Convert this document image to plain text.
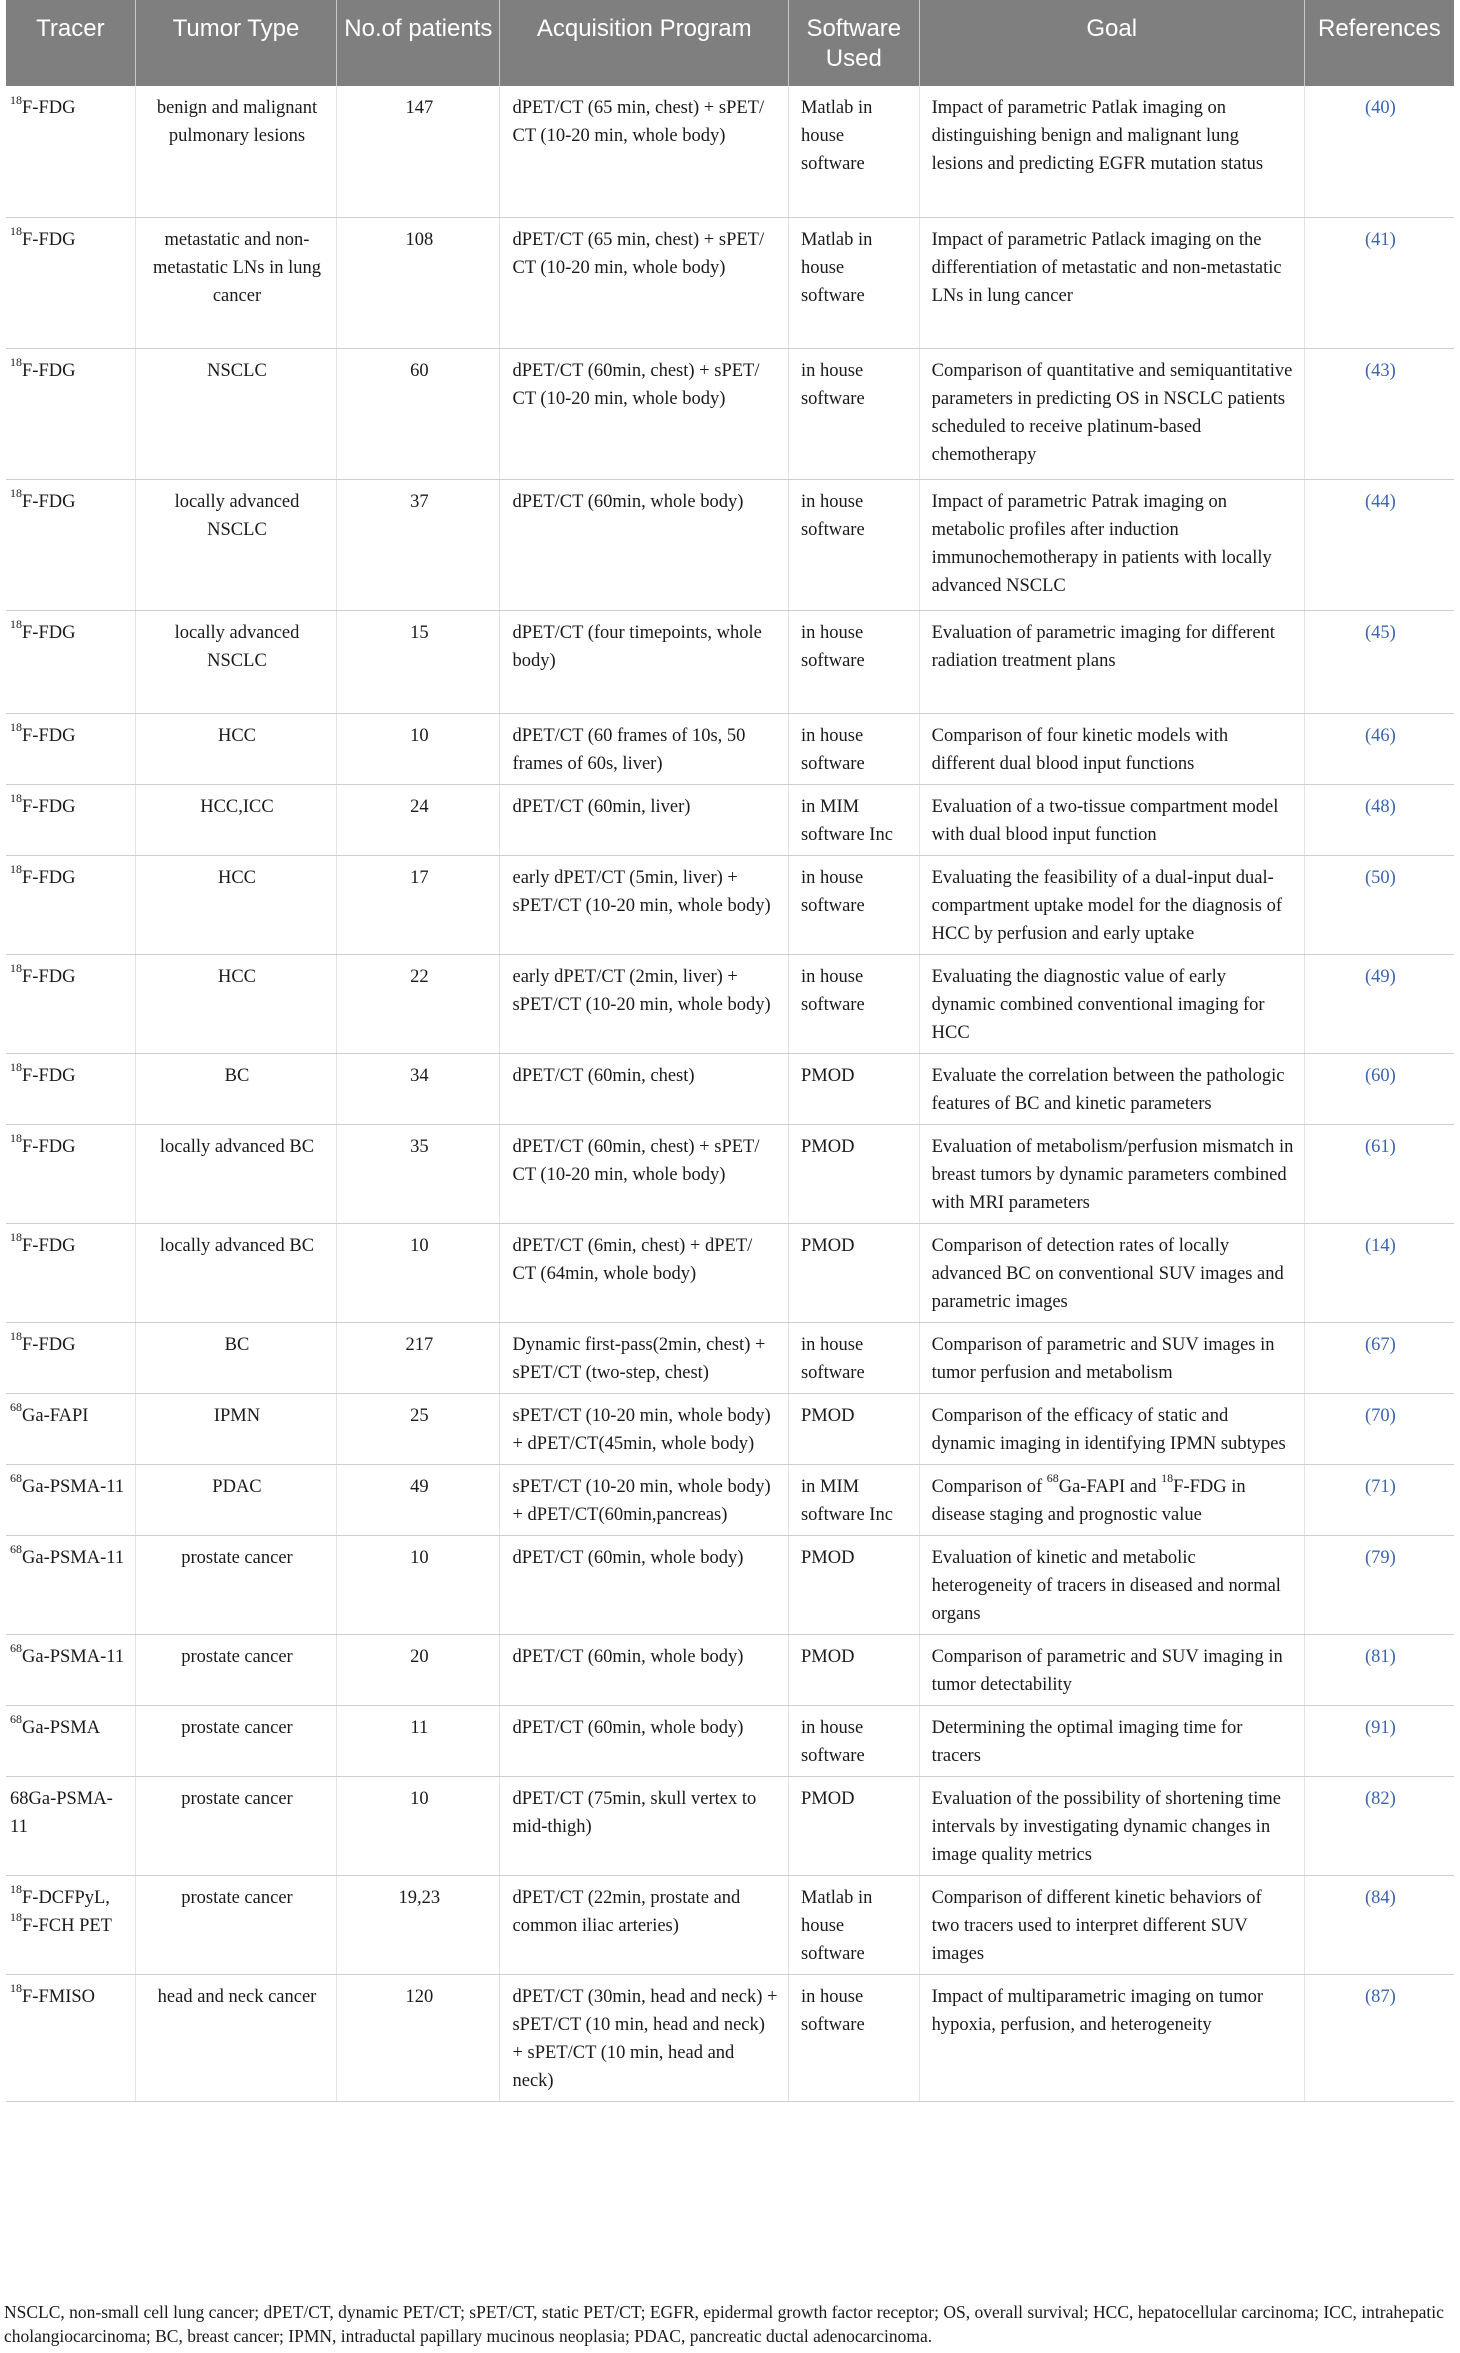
Tracer	Tumor Type	No.of patients	Acquisition Program	Software Used	Goal	References
$^{18}$F-FDG	benign and malignant pulmonary lesions	147	dPET/CT (65 min, chest) + sPET/ CT (10-20 min, whole body)	Matlab in house software	Impact of parametric Patlak imaging on distinguishing benign and malignant lung lesions and predicting EGFR mutation status	(40)
$^{18}$F-FDG	metastatic and non-metastatic LNs in lung cancer	108	dPET/CT (65 min, chest) + sPET/ CT (10-20 min, whole body)	Matlab in house software	Impact of parametric Patlack imaging on the differentiation of metastatic and non-metastatic LNs in lung cancer	(41)
$^{18}$F-FDG	NSCLC	60	dPET/CT (60min, chest) + sPET/ CT (10-20 min, whole body)	in house software	Comparison of quantitative and semiquantitative parameters in predicting OS in NSCLC patients scheduled to receive platinum-based chemotherapy	(43)
$^{18}$F-FDG	locally advanced NSCLC	37	dPET/CT (60min, whole body)	in house software	Impact of parametric Patrak imaging on metabolic profiles after induction immunochemotherapy in patients with locally advanced NSCLC	(44)
$^{18}$F-FDG	locally advanced NSCLC	15	dPET/CT (four timepoints, whole body)	in house software	Evaluation of parametric imaging for different radiation treatment plans	(45)
$^{18}$F-FDG	HCC	10	dPET/CT (60 frames of 10s, 50 frames of 60s, liver)	in house software	Comparison of four kinetic models with different dual blood input functions	(46)
$^{18}$F-FDG	HCC,ICC	24	dPET/CT (60min, liver)	in MIM software Inc	Evaluation of a two-tissue compartment model with dual blood input function	(48)
$^{18}$F-FDG	HCC	17	early dPET/CT (5min, liver) + sPET/CT (10-20 min, whole body)	in house software	Evaluating the feasibility of a dual-input dual-compartment uptake model for the diagnosis of HCC by perfusion and early uptake	(50)
$^{18}$F-FDG	HCC	22	early dPET/CT (2min, liver) + sPET/CT (10-20 min, whole body)	in house software	Evaluating the diagnostic value of early dynamic combined conventional imaging for HCC	(49)
$^{18}$F-FDG	BC	34	dPET/CT (60min, chest)	PMOD	Evaluate the correlation between the pathologic features of BC and kinetic parameters	(60)
$^{18}$F-FDG	locally advanced BC	35	dPET/CT (60min, chest) + sPET/ CT (10-20 min, whole body)	PMOD	Evaluation of metabolism/perfusion mismatch in breast tumors by dynamic parameters combined with MRI parameters	(61)
$^{18}$F-FDG	locally advanced BC	10	dPET/CT (6min, chest) + dPET/ CT (64min, whole body)	PMOD	Comparison of detection rates of locally advanced BC on conventional SUV images and parametric images	(14)
$^{18}$F-FDG	BC	217	Dynamic first-pass(2min, chest) + sPET/CT (two-step, chest)	in house software	Comparison of parametric and SUV images in tumor perfusion and metabolism	(67)
$^{68}$Ga-FAPI	IPMN	25	sPET/CT (10-20 min, whole body) + dPET/CT(45min, whole body)	PMOD	Comparison of the efficacy of static and dynamic imaging in identifying IPMN subtypes	(70)
$^{68}$Ga-PSMA-11	PDAC	49	sPET/CT (10-20 min, whole body) + dPET/CT(60min,pancreas)	in MIM software Inc	Comparison of $^{68}$Ga-FAPI and $^{18}$F-FDG in disease staging and prognostic value	(71)
$^{68}$Ga-PSMA-11	prostate cancer	10	dPET/CT (60min, whole body)	PMOD	Evaluation of kinetic and metabolic heterogeneity of tracers in diseased and normal organs	(79)
$^{68}$Ga-PSMA-11	prostate cancer	20	dPET/CT (60min, whole body)	PMOD	Comparison of parametric and SUV imaging in tumor detectability	(81)
$^{68}$Ga-PSMA	prostate cancer	11	dPET/CT (60min, whole body)	in house software	Determining the optimal imaging time for tracers	(91)
68Ga-PSMA-11	prostate cancer	10	dPET/CT (75min, skull vertex to mid-thigh)	PMOD	Evaluation of the possibility of shortening time intervals by investigating dynamic changes in image quality metrics	(82)
$^{18}$F-DCFPyL, $^{18}$F-FCH PET	prostate cancer	19,23	dPET/CT (22min, prostate and common iliac arteries)	Matlab in house software	Comparison of different kinetic behaviors of two tracers used to interpret different SUV images	(84)
$^{18}$F-FMISO	head and neck cancer	120	dPET/CT (30min, head and neck) + sPET/CT (10 min, head and neck) + sPET/CT (10 min, head and neck)	in house software	Impact of multiparametric imaging on tumor hypoxia, perfusion, and heterogeneity	(87)
NSCLC, non-small cell lung cancer; dPET/CT, dynamic PET/CT; sPET/CT, static PET/CT; EGFR, epidermal growth factor receptor; OS, overall survival; HCC, hepatocellular carcinoma; ICC, intrahepatic cholangiocarcinoma; BC, breast cancer; IPMN, intraductal papillary mucinous neoplasia; PDAC, pancreatic ductal adenocarcinoma.
